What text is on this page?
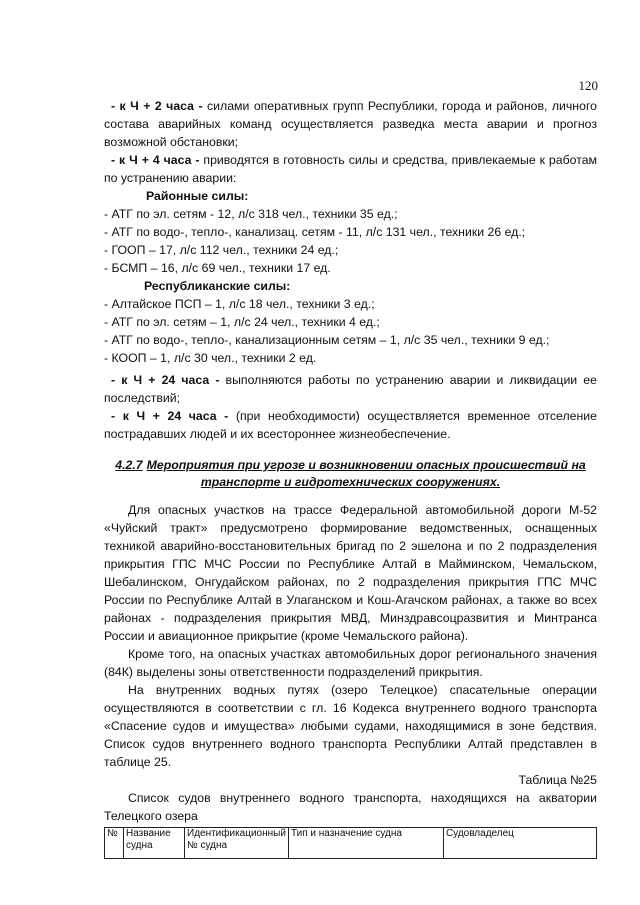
120

- к Ч + 2 часа - силами оперативных групп Республики, города и районов, личного состава аварийных команд осуществляется разведка места аварии и прогноз возможной обстановки;

- к Ч + 4 часа - приводятся в готовность силы и средства, привлекаемые к работам по устранению аварии:

Районные силы:

- АТГ по эл. сетям - 12, л/с 318 чел., техники 35 ед.;

- АТГ по водо-, тепло-, канализац. сетям - 11, л/с 131 чел., техники 26 ед.;

- ГООП – 17, л/с 112 чел., техники 24 ед.;

- БСМП – 16, л/с 69 чел., техники 17 ед.

Республиканские силы:

- Алтайское ПСП – 1, л/с 18 чел., техники 3 ед.;

- АТГ по эл. сетям – 1, л/с 24 чел., техники 4 ед.;

- АТГ по водо-, тепло-, канализационным сетям – 1, л/с 35 чел., техники 9 ед.;

- КООП – 1, л/с 30 чел., техники 2 ед.

- к Ч + 24 часа - выполняются работы по устранению аварии и ликвидации ее последствий;

- к Ч + 24 часа - (при необходимости) осуществляется временное отселение пострадавших людей и их всестороннее жизнеобеспечение.

4.2.7 Мероприятия при угрозе и возникновении опасных происшествий на транспорте и гидротехнических сооружениях.

Для опасных участков на трассе Федеральной автомобильной дороги М-52 «Чуйский тракт» предусмотрено формирование ведомственных, оснащенных техникой аварийно-восстановительных бригад по 2 эшелона и по 2 подразделения прикрытия ГПС МЧС России по Республике Алтай в Майминском, Чемальском, Шебалинском, Онгудайском районах, по 2 подразделения прикрытия ГПС МЧС России по Республике Алтай в Улаганском и Кош-Агачском районах, а также во всех районах - подразделения прикрытия МВД, Минздравсоцразвития и Минтранса России и авиационное прикрытие (кроме Чемальского района).

Кроме того, на опасных участках автомобильных дорог регионального значения (84К) выделены зоны ответственности подразделений прикрытия.

На внутренних водных путях (озеро Телецкое) спасательные операции осуществляются в соответствии с гл. 16 Кодекса внутреннего водного транспорта «Спасение судов и имущества» любыми судами, находящимися в зоне бедствия. Список судов внутреннего водного транспорта Республики Алтай представлен в таблице 25.

Таблица №25

Список судов внутреннего водного транспорта, находящихся на акватории Телецкого озера

№	Название судна	Идентификационный № судна	Тип и назначение судна	Судовладелец
